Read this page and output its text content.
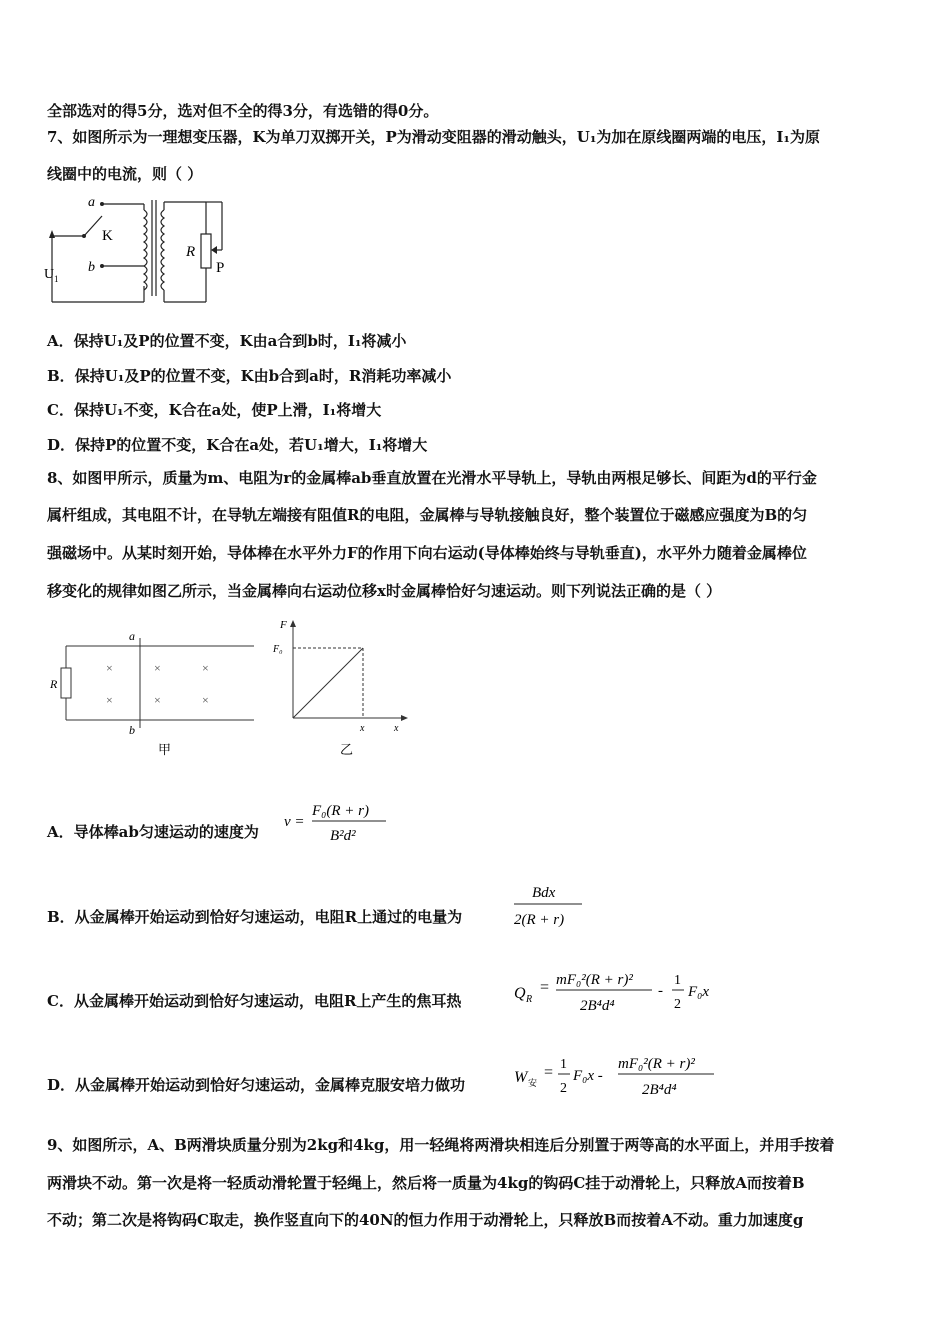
全部选对的得5分，选对但不全的得3分，有选错的得0分。
7、如图所示为一理想变压器，K为单刀双掷开关，P为滑动变阻器的滑动触头，U₁为加在原线圈两端的电压，I₁为原
线圈中的电流，则（ ）
a
b
K
U 1
R
P
A．保持U₁及P的位置不变，K由a合到b时，I₁将减小
B．保持U₁及P的位置不变，K由b合到a时，R消耗功率减小
C．保持U₁不变，K合在a处，使P上滑，I₁将增大
D．保持P的位置不变，K合在a处，若U₁增大，I₁将增大
8、如图甲所示，质量为m、电阻为r的金属棒ab垂直放置在光滑水平导轨上，导轨由两根足够长、间距为d的平行金
属杆组成，其电阻不计，在导轨左端接有阻值R的电阻，金属棒与导轨接触良好，整个装置位于磁感应强度为B的匀
强磁场中。从某时刻开始，导体棒在水平外力F的作用下向右运动(导体棒始终与导轨垂直)，水平外力随着金属棒位
移变化的规律如图乙所示，当金属棒向右运动位移x时金属棒恰好匀速运动。则下列说法正确的是（ ）
×	×	×
×	×	×
a
b
R
甲
F
F₀
x	x
乙
A．导体棒ab匀速运动的速度为
v =
F₀(R + r)
B²d²
B．从金属棒开始运动到恰好匀速运动，电阻R上通过的电量为
Bdx
2(R + r)
C．从金属棒开始运动到恰好匀速运动，电阻R上产生的焦耳热	Q R
= mF₀²(R + r)²
2B⁴d⁴
-
1
2
F₀x
D．从金属棒开始运动到恰好匀速运动，金属棒克服安培力做功	W 安
= 1
2
F₀x -
mF₀²(R + r)²
2B⁴d⁴
9、如图所示，A、B两滑块质量分别为2kg和4kg，用一轻绳将两滑块相连后分别置于两等高的水平面上，并用手按着
两滑块不动。第一次是将一轻质动滑轮置于轻绳上，然后将一质量为4kg的钩码C挂于动滑轮上，只释放A而按着B
不动；第二次是将钩码C取走，换作竖直向下的40N的恒力作用于动滑轮上，只释放B而按着A不动。重力加速度g
